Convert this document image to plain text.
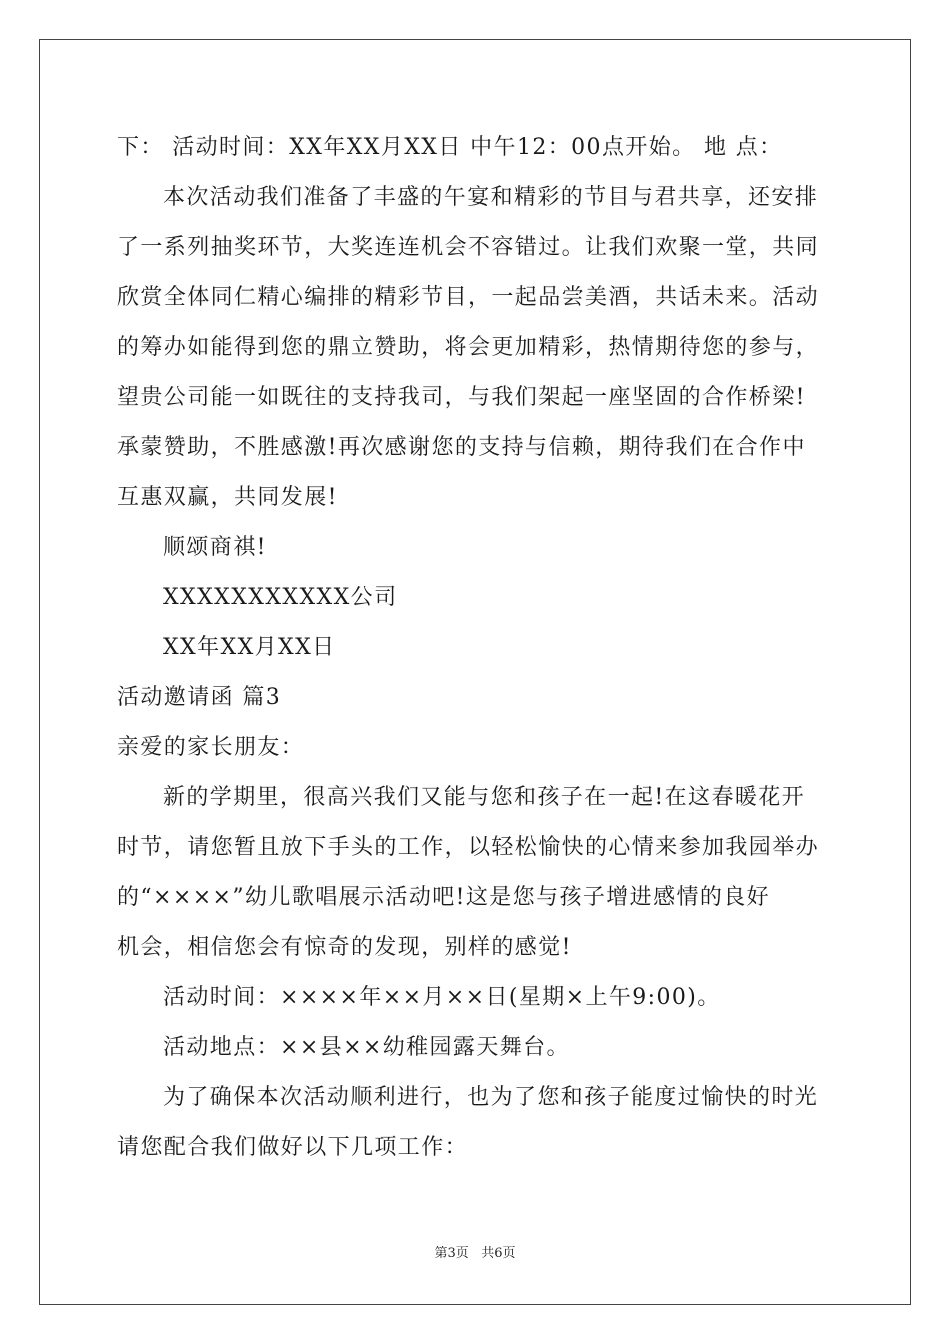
下： 活动时间：XX年XX月XX日 中午12：00点开始。 地 点：

本次活动我们准备了丰盛的午宴和精彩的节目与君共享，还安排

了一系列抽奖环节，大奖连连机会不容错过。让我们欢聚一堂，共同

欣赏全体同仁精心编排的精彩节目，一起品尝美酒，共话未来。活动

的筹办如能得到您的鼎立赞助，将会更加精彩，热情期待您的参与，

望贵公司能一如既往的支持我司，与我们架起一座坚固的合作桥梁!

承蒙赞助，不胜感激!再次感谢您的支持与信赖，期待我们在合作中

互惠双赢，共同发展!

顺颂商祺!

XXXXXXXXXXX公司

XX年XX月XX日

活动邀请函 篇3

亲爱的家长朋友：

新的学期里，很高兴我们又能与您和孩子在一起!在这春暖花开

时节，请您暂且放下手头的工作，以轻松愉快的心情来参加我园举办

的“××××”幼儿歌唱展示活动吧!这是您与孩子增进感情的良好

机会，相信您会有惊奇的发现，别样的感觉!

活动时间：××××年××月××日(星期×上午9:00)。

活动地点：××县××幼稚园露天舞台。

为了确保本次活动顺利进行，也为了您和孩子能度过愉快的时光

请您配合我们做好以下几项工作：

第3页 共6页
